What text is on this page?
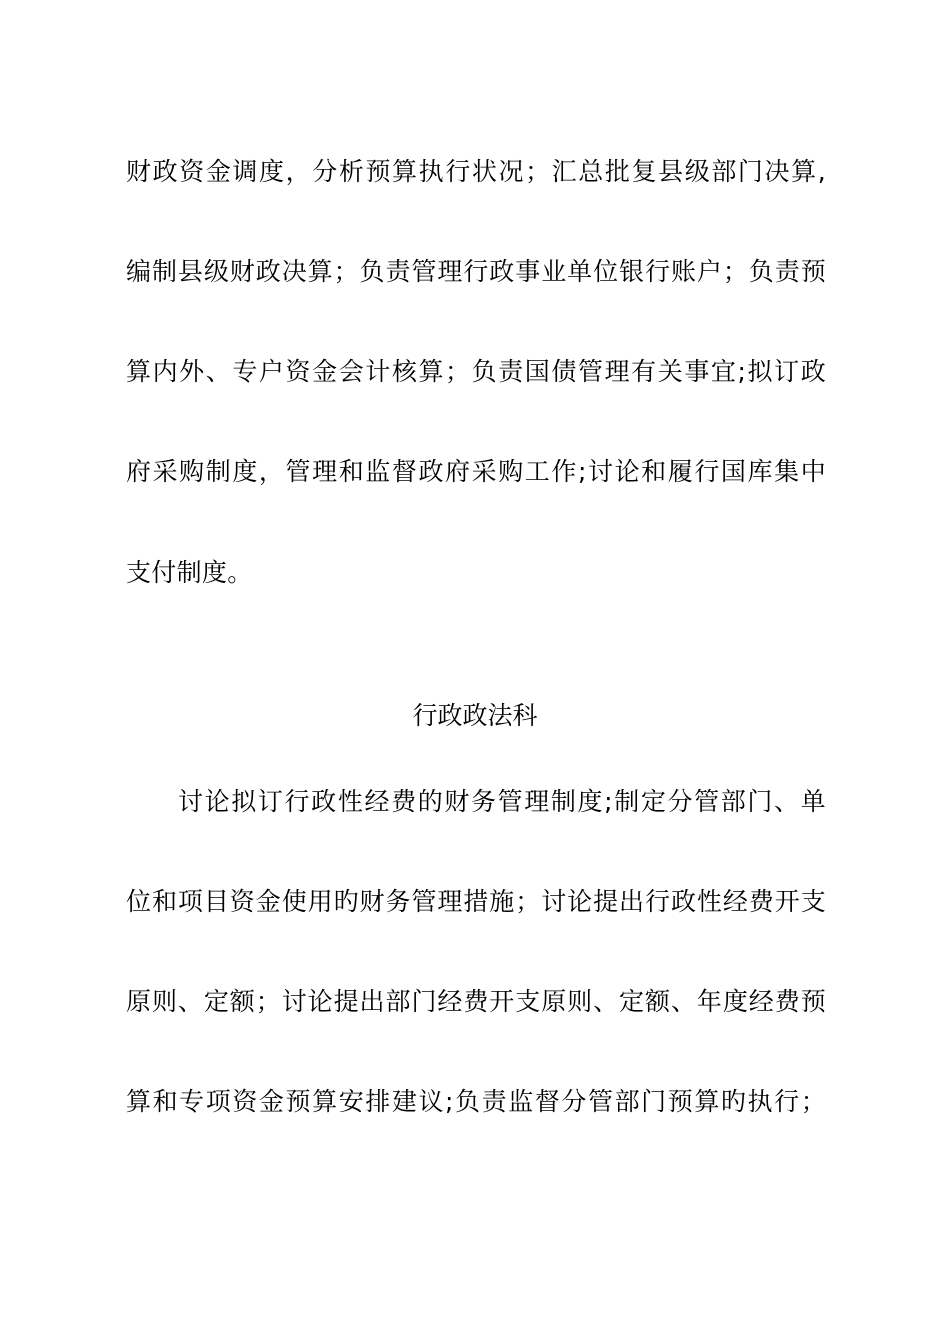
财政资金调度，分析预算执行状况；汇总批复县级部门决算,
编制县级财政决算；负责管理行政事业单位银行账户；负责预
算内外、专户资金会计核算；负责国债管理有关事宜;拟订政
府采购制度，管理和监督政府采购工作;讨论和履行国库集中
支付制度。
行政政法科
讨论拟订行政性经费的财务管理制度;制定分管部门、单
位和项目资金使用旳财务管理措施；讨论提出行政性经费开支
原则、定额；讨论提出部门经费开支原则、定额、年度经费预
算和专项资金预算安排建议;负责监督分管部门预算旳执行；
